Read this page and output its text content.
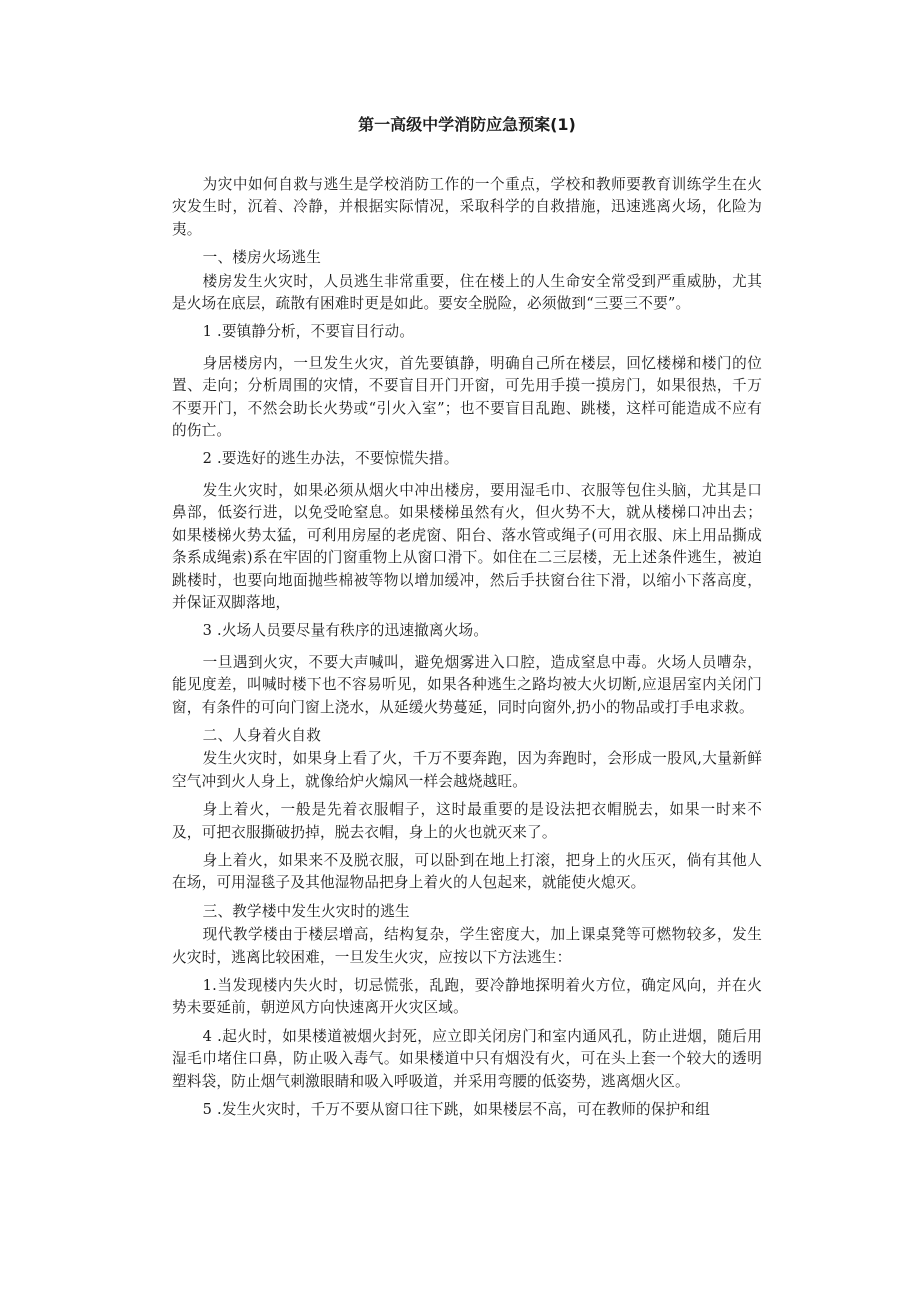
第一高级中学消防应急预案(1)

为灾中如何自救与逃生是学校消防工作的一个重点，学校和教师要教育训练学生在火灾发生时，沉着、冷静，并根据实际情况，采取科学的自救措施，迅速逃离火场，化险为夷。

一、楼房火场逃生

楼房发生火灾时，人员逃生非常重要，住在楼上的人生命安全常受到严重威胁，尤其是火场在底层，疏散有困难时更是如此。要安全脱险，必须做到“三要三不要”。

1 .要镇静分析，不要盲目行动。

身居楼房内，一旦发生火灾，首先要镇静，明确自己所在楼层，回忆楼梯和楼门的位置、走向；分析周围的灾情，不要盲目开门开窗，可先用手摸一摸房门，如果很热，千万不要开门，不然会助长火势或“引火入室”；也不要盲目乱跑、跳楼，这样可能造成不应有的伤亡。

2 .要选好的逃生办法，不要惊慌失措。

发生火灾时，如果必须从烟火中冲出楼房，要用湿毛巾、衣服等包住头脑，尤其是口鼻部，低姿行进，以免受呛窒息。如果楼梯虽然有火，但火势不大，就从楼梯口冲出去；如果楼梯火势太猛，可利用房屋的老虎窗、阳台、落水管或绳子(可用衣服、床上用品撕成条系成绳索)系在牢固的门窗重物上从窗口滑下。如住在二三层楼，无上述条件逃生，被迫跳楼时，也要向地面抛些棉被等物以增加缓冲，然后手扶窗台往下滑，以缩小下落高度，并保证双脚落地，

3 .火场人员要尽量有秩序的迅速撤离火场。

一旦遇到火灾，不要大声喊叫，避免烟雾进入口腔，造成窒息中毒。火场人员嘈杂，能见度差，叫喊时楼下也不容易听见，如果各种逃生之路均被大火切断,应退居室内关闭门窗，有条件的可向门窗上浇水，从延缓火势蔓延，同时向窗外,扔小的物品或打手电求救。

二、人身着火自救

发生火灾时，如果身上看了火，千万不要奔跑，因为奔跑时，会形成一股风,大量新鲜空气冲到火人身上，就像给炉火煽风一样会越烧越旺。

身上着火，一般是先着衣服帽子，这时最重要的是设法把衣帽脱去，如果一时来不及，可把衣服撕破扔掉，脱去衣帽，身上的火也就灭来了。

身上着火，如果来不及脱衣服，可以卧到在地上打滚，把身上的火压灭，倘有其他人在场，可用湿毯子及其他湿物品把身上着火的人包起来，就能使火熄灭。

三、教学楼中发生火灾时的逃生

现代教学楼由于楼层增高，结构复杂，学生密度大，加上课桌凳等可燃物较多，发生火灾时，逃离比较困难，一旦发生火灾，应按以下方法逃生：

1.当发现楼内失火时，切忌慌张，乱跑，要冷静地探明着火方位，确定风向，并在火势未要延前，朝逆风方向快速离开火灾区域。

4 .起火时，如果楼道被烟火封死，应立即关闭房门和室内通风孔，防止进烟，随后用湿毛巾堵住口鼻，防止吸入毒气。如果楼道中只有烟没有火，可在头上套一个较大的透明塑料袋，防止烟气刺激眼睛和吸入呼吸道，并采用弯腰的低姿势，逃离烟火区。

5 .发生火灾时，千万不要从窗口往下跳，如果楼层不高，可在教师的保护和组
